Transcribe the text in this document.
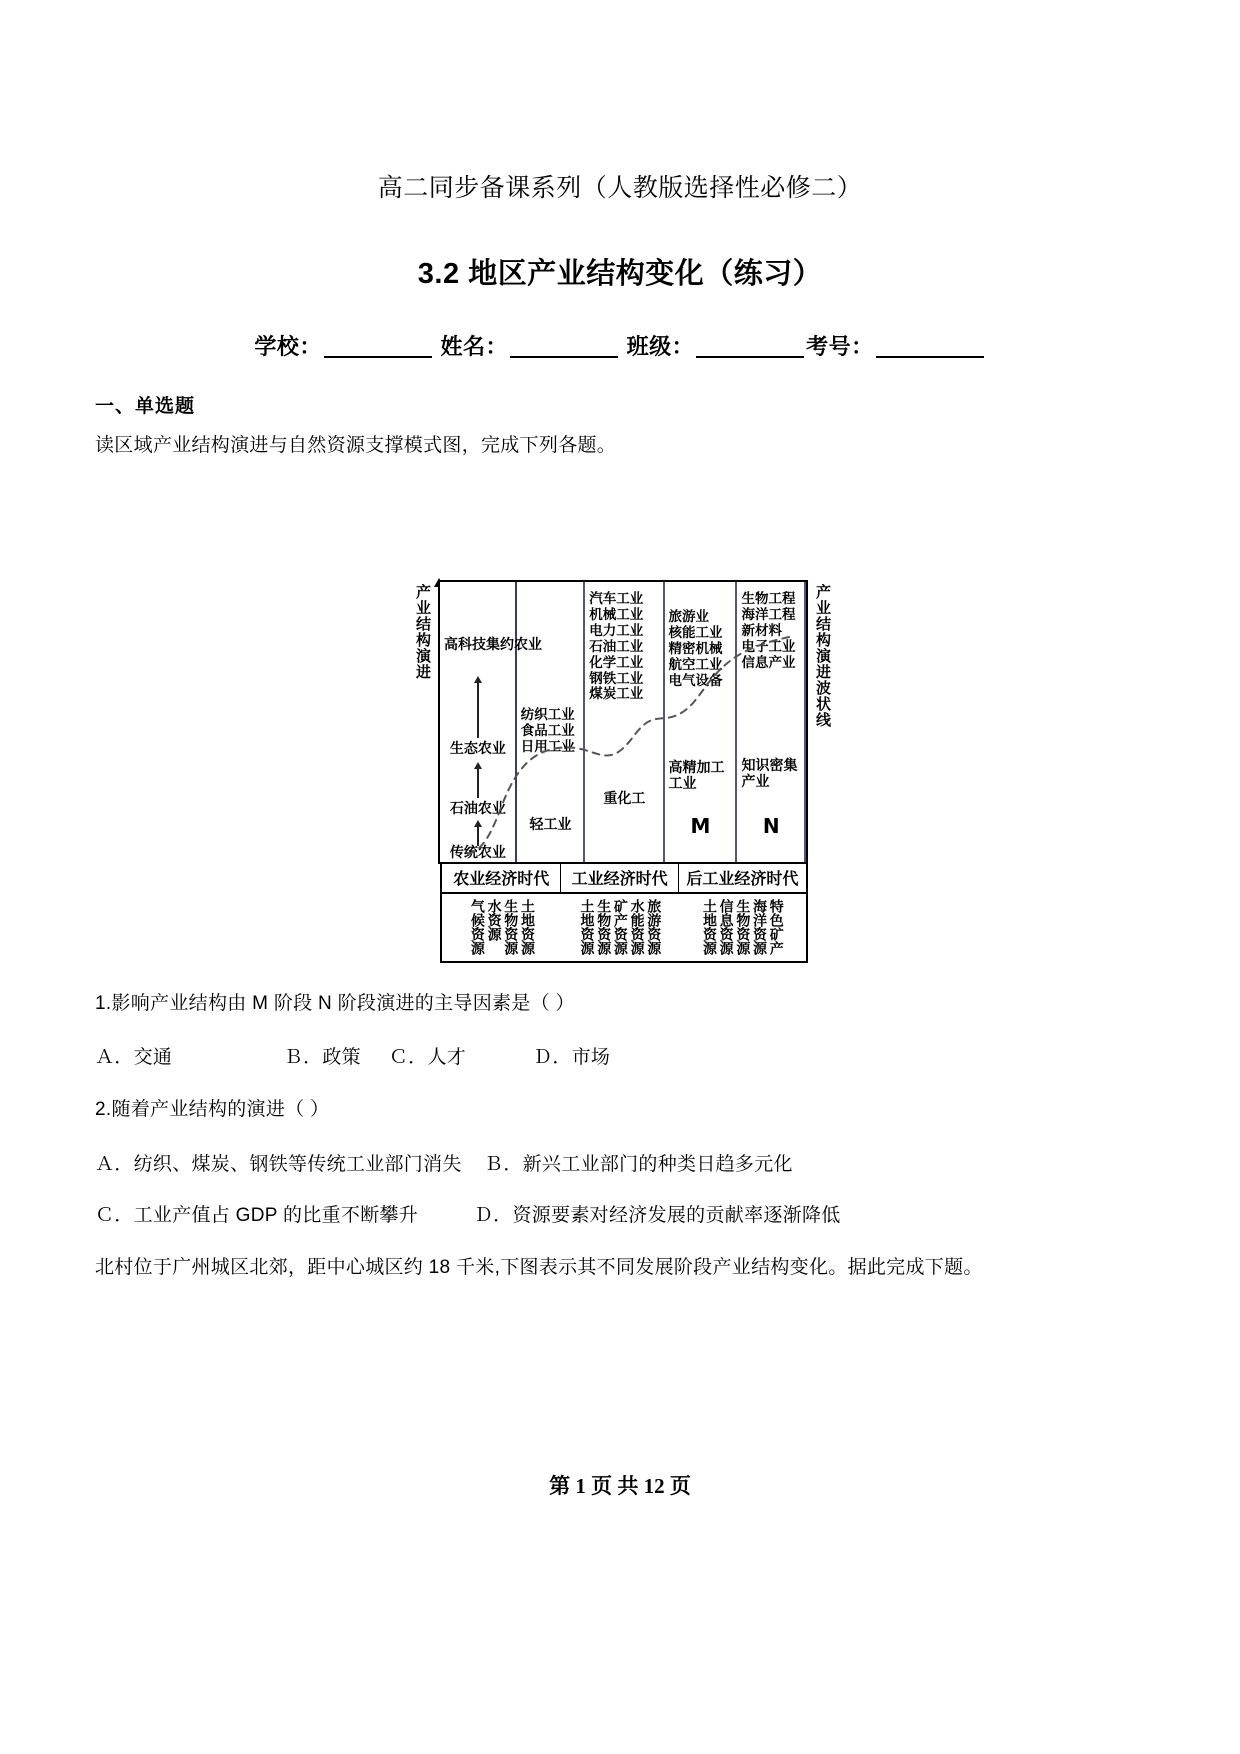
高二同步备课系列（人教版选择性必修二）
3.2 地区产业结构变化（练习）
学校：	姓名：	班级：	考号：
一、单选题
读区域产业结构演进与自然资源支撑模式图，完成下列各题。
产业结构演进 高科技集约农业
生态农业
石油农业
传统农业
纺织工业
食品工业
日用工业
轻工业
汽车工业
机械工业
电力工业
石油工业
化学工业
钢铁工业
煤炭工业
重化工
旅游业
核能工业
精密机械
航空工业
电气设备
高精加工工业
M
生物工程
海洋工程
新材料
电子工业
信息产业
知识密集产业
N
产业结构演进波状线
农业经济时代	工业经济时代	后工业经济时代
气候资源 水资源 生物资源 土地资源	土地资源 生物资源 矿产资源 水能资源 旅游资源	土地资源 信息资源 生物资源 海洋资源 特色矿产
1.影响产业结构由 M 阶段 N 阶段演进的主导因素是（ ）
Ａ．交通                    Ｂ．政策     Ｃ．人才            Ｄ．市场
2.随着产业结构的演进（ ）
Ａ．纺织、煤炭、钢铁等传统工业部门消失    Ｂ．新兴工业部门的种类日趋多元化
Ｃ．工业产值占 GDP 的比重不断攀升          Ｄ．资源要素对经济发展的贡献率逐渐降低
北村位于广州城区北郊，距中心城区约 18 千米,下图表示其不同发展阶段产业结构变化。据此完成下题。
第 1 页 共 12 页
